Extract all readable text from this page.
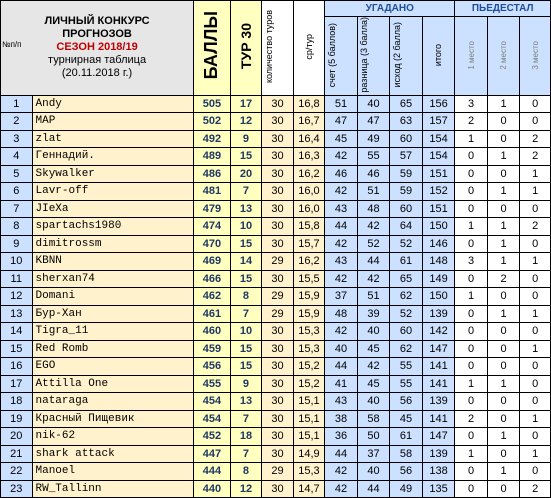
ЛИЧНЫЙ КОНКУРС
ПРОГНОЗОВ
СЕЗОН 2018/19
турнирная таблица
(20.11.2018 г.)		БАЛЛЫ	ТУР 30	количество туров	ср/тур	УГАДАНО				ПЬЕДЕСТАЛ		
						счет (5 баллов)	разница (3 балла)	исход (2 балла)	итого	1 место	2 место	3 место
1	Andy	505	17	30	16,8	51	40	65	156	3	1	0
2	MAP	502	12	30	16,7	47	47	63	157	2	0	0
3	zlat	492	9	30	16,4	45	49	60	154	1	0	2
4	Геннадий.	489	15	30	16,3	42	55	57	154	0	1	2
5	Skywalker	486	20	30	16,2	46	46	59	151	0	0	1
6	Lavr-off	481	7	30	16,0	42	51	59	152	0	1	1
7	JIeXa	479	13	30	16,0	43	48	60	151	0	0	0
8	spartachs1980	474	10	30	15,8	44	42	64	150	1	1	2
9	dimitrossm	470	15	30	15,7	42	52	52	146	0	1	0
10	KBNN	469	14	29	16,2	43	44	61	148	3	1	1
11	sherxan74	466	15	30	15,5	42	42	65	149	0	2	0
12	Domani	462	8	29	15,9	37	51	62	150	1	0	0
13	Бур-Хан	461	7	29	15,9	48	39	52	139	0	1	1
14	Tigra_11	460	10	30	15,3	42	40	60	142	0	0	0
15	Red Romb	459	15	30	15,3	40	45	62	147	0	0	1
16	EGO	456	15	30	15,2	44	42	55	141	0	0	0
17	Attilla One	455	9	30	15,2	41	45	55	141	1	1	0
18	nataraga	454	13	30	15,1	43	40	56	139	0	0	0
19	Красный Пищевик	454	7	30	15,1	38	58	45	141	2	0	1
20	nik-62	452	18	30	15,1	36	50	61	147	0	1	0
21	shark attack	447	7	30	14,9	44	37	58	139	1	0	1
22	Manoel	444	8	29	15,3	42	40	56	138	0	1	0
23	RW_Tallinn	440	12	30	14,7	42	44	49	135	0	0	2
№п/п
